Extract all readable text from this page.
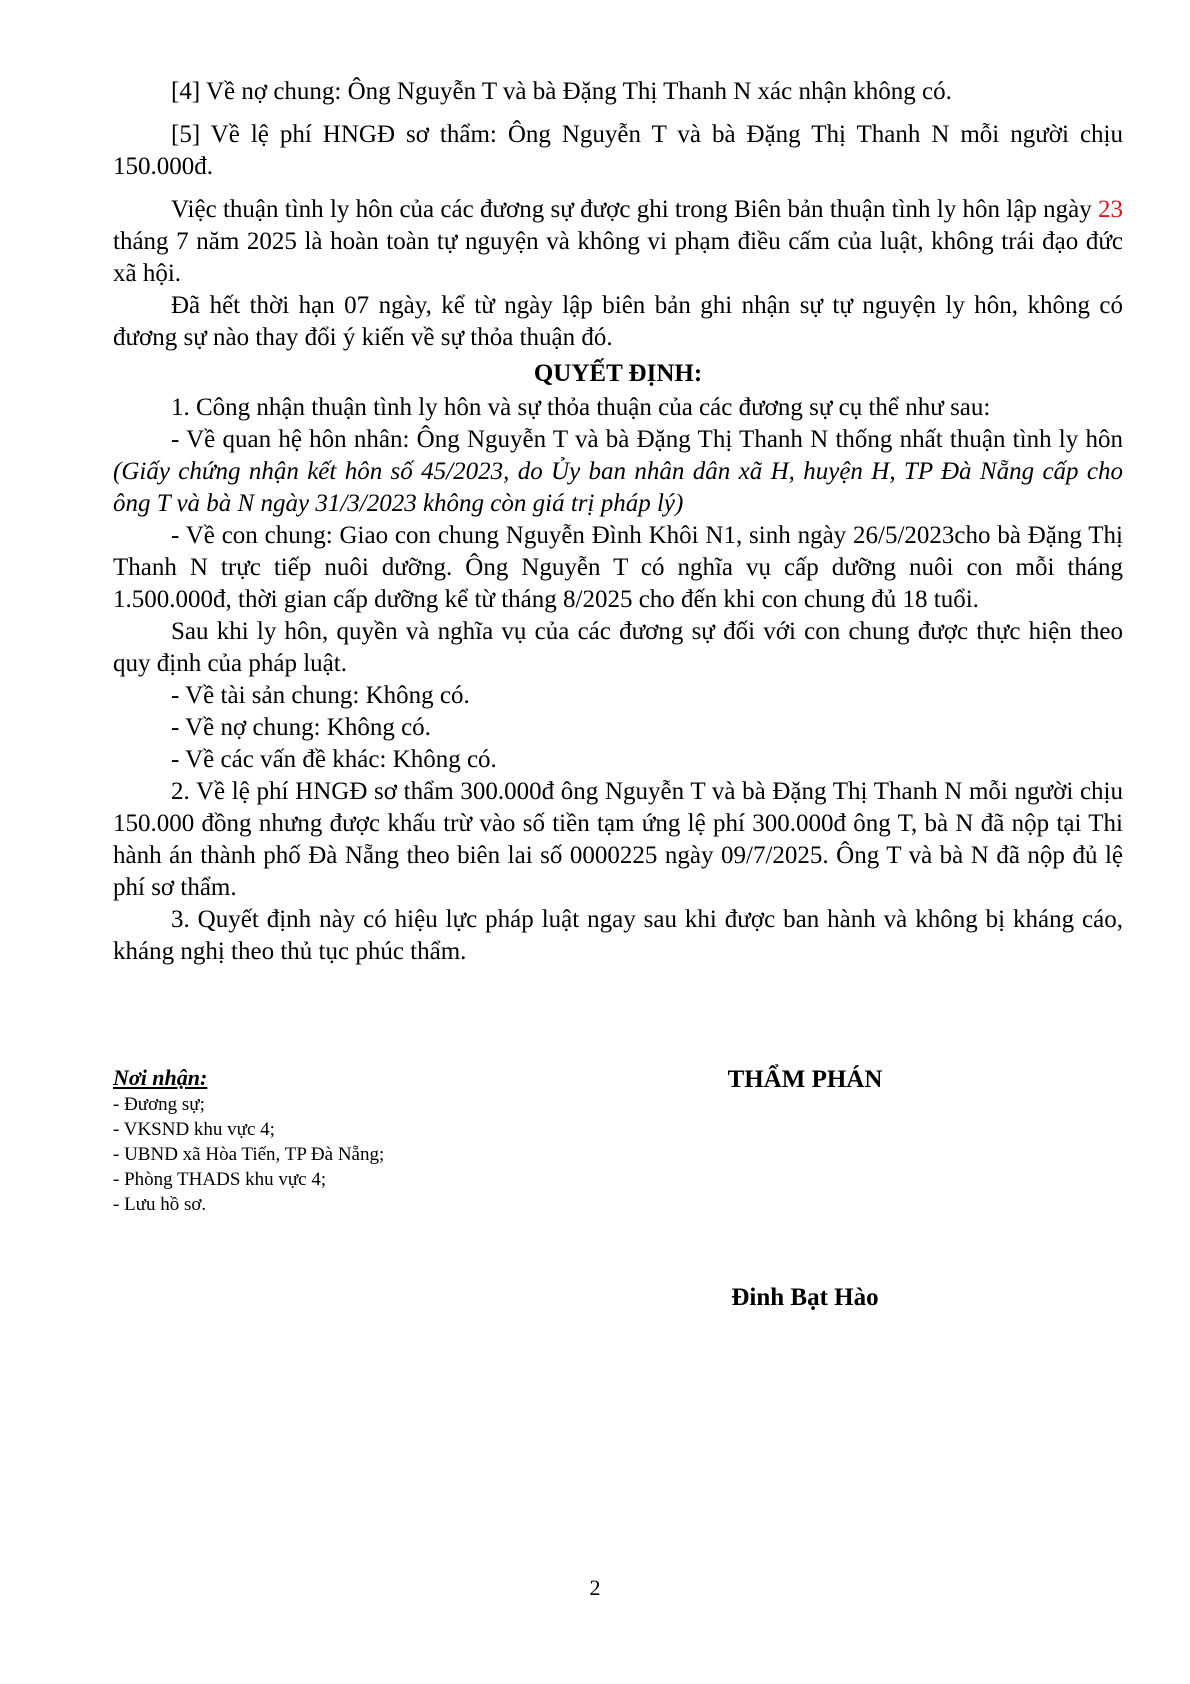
[4] Về nợ chung: Ông Nguyễn T và bà Đặng Thị Thanh N xác nhận không có.

[5] Về lệ phí HNGĐ sơ thẩm: Ông Nguyễn T và bà Đặng Thị Thanh N mỗi người chịu 150.000đ.

Việc thuận tình ly hôn của các đương sự được ghi trong Biên bản thuận tình ly hôn lập ngày 23 tháng 7 năm 2025 là hoàn toàn tự nguyện và không vi phạm điều cấm của luật, không trái đạo đức xã hội.

Đã hết thời hạn 07 ngày, kể từ ngày lập biên bản ghi nhận sự tự nguyện ly hôn, không có đương sự nào thay đổi ý kiến về sự thỏa thuận đó.

QUYẾT ĐỊNH:

1. Công nhận thuận tình ly hôn và sự thỏa thuận của các đương sự cụ thể như sau:

- Về quan hệ hôn nhân: Ông Nguyễn T và bà Đặng Thị Thanh N thống nhất thuận tình ly hôn (Giấy chứng nhận kết hôn số 45/2023, do Ủy ban nhân dân xã H, huyện H, TP Đà Nẵng cấp cho ông T và bà N ngày 31/3/2023 không còn giá trị pháp lý)

- Về con chung: Giao con chung Nguyễn Đình Khôi N1, sinh ngày 26/5/2023cho bà Đặng Thị Thanh N trực tiếp nuôi dưỡng. Ông Nguyễn T có nghĩa vụ cấp dưỡng nuôi con mỗi tháng 1.500.000đ, thời gian cấp dưỡng kể từ tháng 8/2025 cho đến khi con chung đủ 18 tuổi.

Sau khi ly hôn, quyền và nghĩa vụ của các đương sự đối với con chung được thực hiện theo quy định của pháp luật.

- Về tài sản chung: Không có.

- Về nợ chung: Không có.

- Về các vấn đề khác: Không có.

2. Về lệ phí HNGĐ sơ thẩm 300.000đ ông Nguyễn T và bà Đặng Thị Thanh N mỗi người chịu 150.000 đồng nhưng được khấu trừ vào số tiền tạm ứng lệ phí 300.000đ ông T, bà N đã nộp tại Thi hành án thành phố Đà Nẵng theo biên lai số 0000225 ngày 09/7/2025. Ông T và bà N đã nộp đủ lệ phí sơ thẩm.

3. Quyết định này có hiệu lực pháp luật ngay sau khi được ban hành và không bị kháng cáo, kháng nghị theo thủ tục phúc thẩm.

Nơi nhận:
- Đương sự;
- VKSND khu vực 4;
- UBND xã Hòa Tiến, TP Đà Nẵng;
- Phòng THADS khu vực 4;
- Lưu hồ sơ.
THẨM PHÁN
Đinh Bạt Hào
2
